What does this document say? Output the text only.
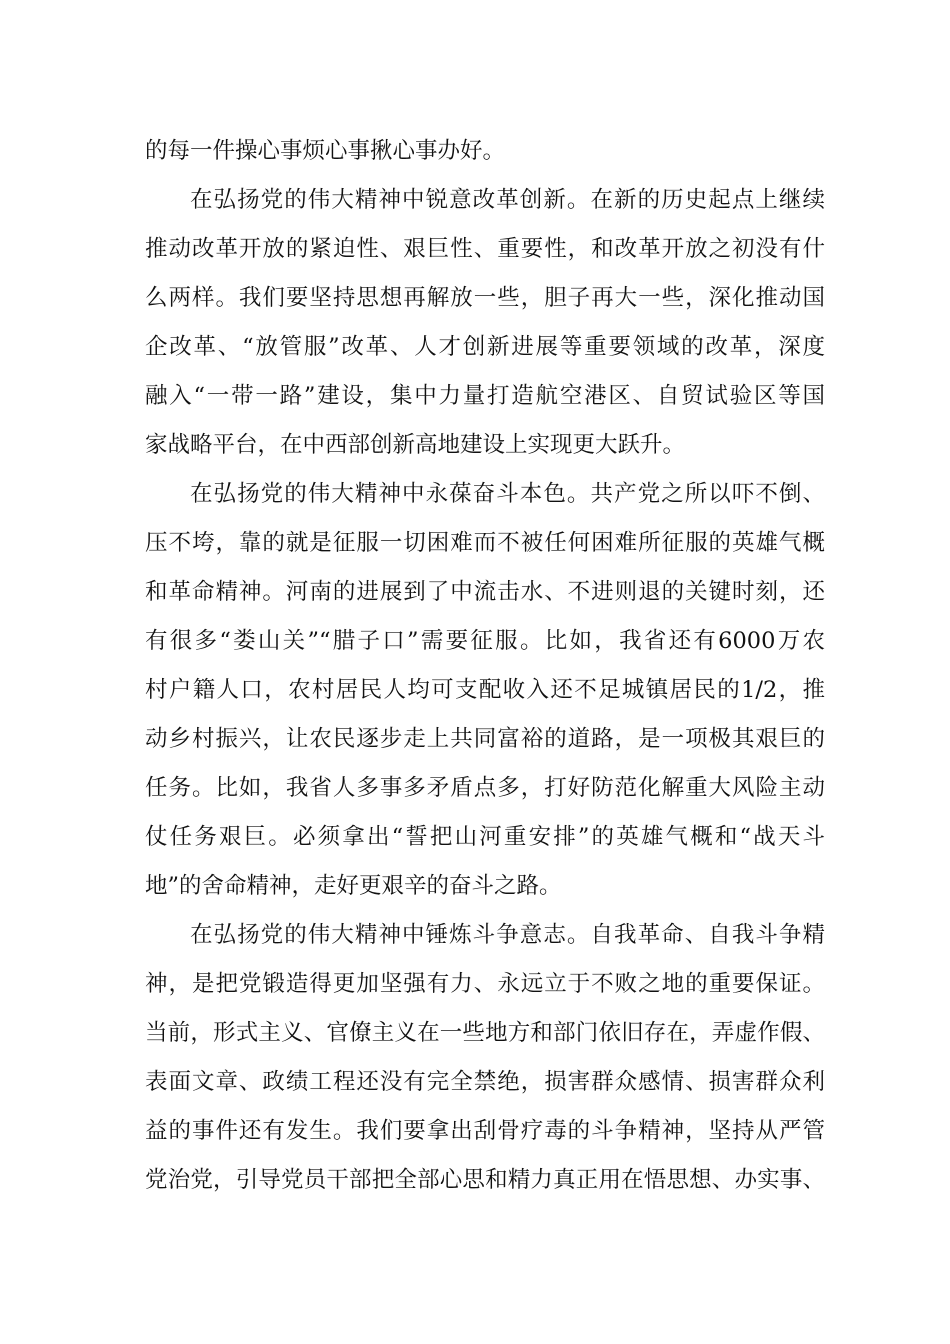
的每一件操心事烦心事揪心事办好。
在弘扬党的伟大精神中锐意改革创新。在新的历史起点上继续
推动改革开放的紧迫性、艰巨性、重要性，和改革开放之初没有什
么两样。我们要坚持思想再解放一些，胆子再大一些，深化推动国
企改革、“放管服”改革、人才创新进展等重要领域的改革，深度
融入“一带一路”建设，集中力量打造航空港区、自贸试验区等国
家战略平台，在中西部创新高地建设上实现更大跃升。
在弘扬党的伟大精神中永葆奋斗本色。共产党之所以吓不倒、
压不垮，靠的就是征服一切困难而不被任何困难所征服的英雄气概
和革命精神。河南的进展到了中流击水、不进则退的关键时刻，还
有很多“娄山关”“腊子口”需要征服。比如，我省还有6000万农
村户籍人口，农村居民人均可支配收入还不足城镇居民的1/2，推
动乡村振兴，让农民逐步走上共同富裕的道路，是一项极其艰巨的
任务。比如，我省人多事多矛盾点多，打好防范化解重大风险主动
仗任务艰巨。必须拿出“誓把山河重安排”的英雄气概和“战天斗
地”的舍命精神，走好更艰辛的奋斗之路。
在弘扬党的伟大精神中锤炼斗争意志。自我革命、自我斗争精
神，是把党锻造得更加坚强有力、永远立于不败之地的重要保证。
当前，形式主义、官僚主义在一些地方和部门依旧存在，弄虚作假、
表面文章、政绩工程还没有完全禁绝，损害群众感情、损害群众利
益的事件还有发生。我们要拿出刮骨疗毒的斗争精神，坚持从严管
党治党，引导党员干部把全部心思和精力真正用在悟思想、办实事、
